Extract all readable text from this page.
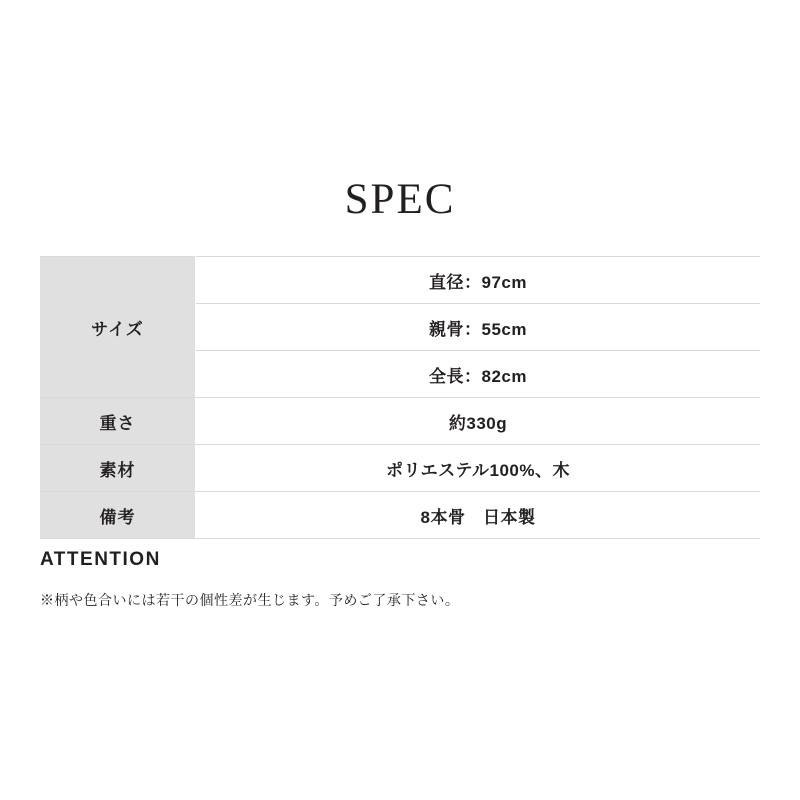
SPEC
サイズ	直径：97cm
	親骨：55cm
	全長：82cm
重さ	約330g
素材	ポリエステル100%、木
備考	8本骨　日本製
ATTENTION
※柄や色合いには若干の個性差が生じます。予めご了承下さい。
